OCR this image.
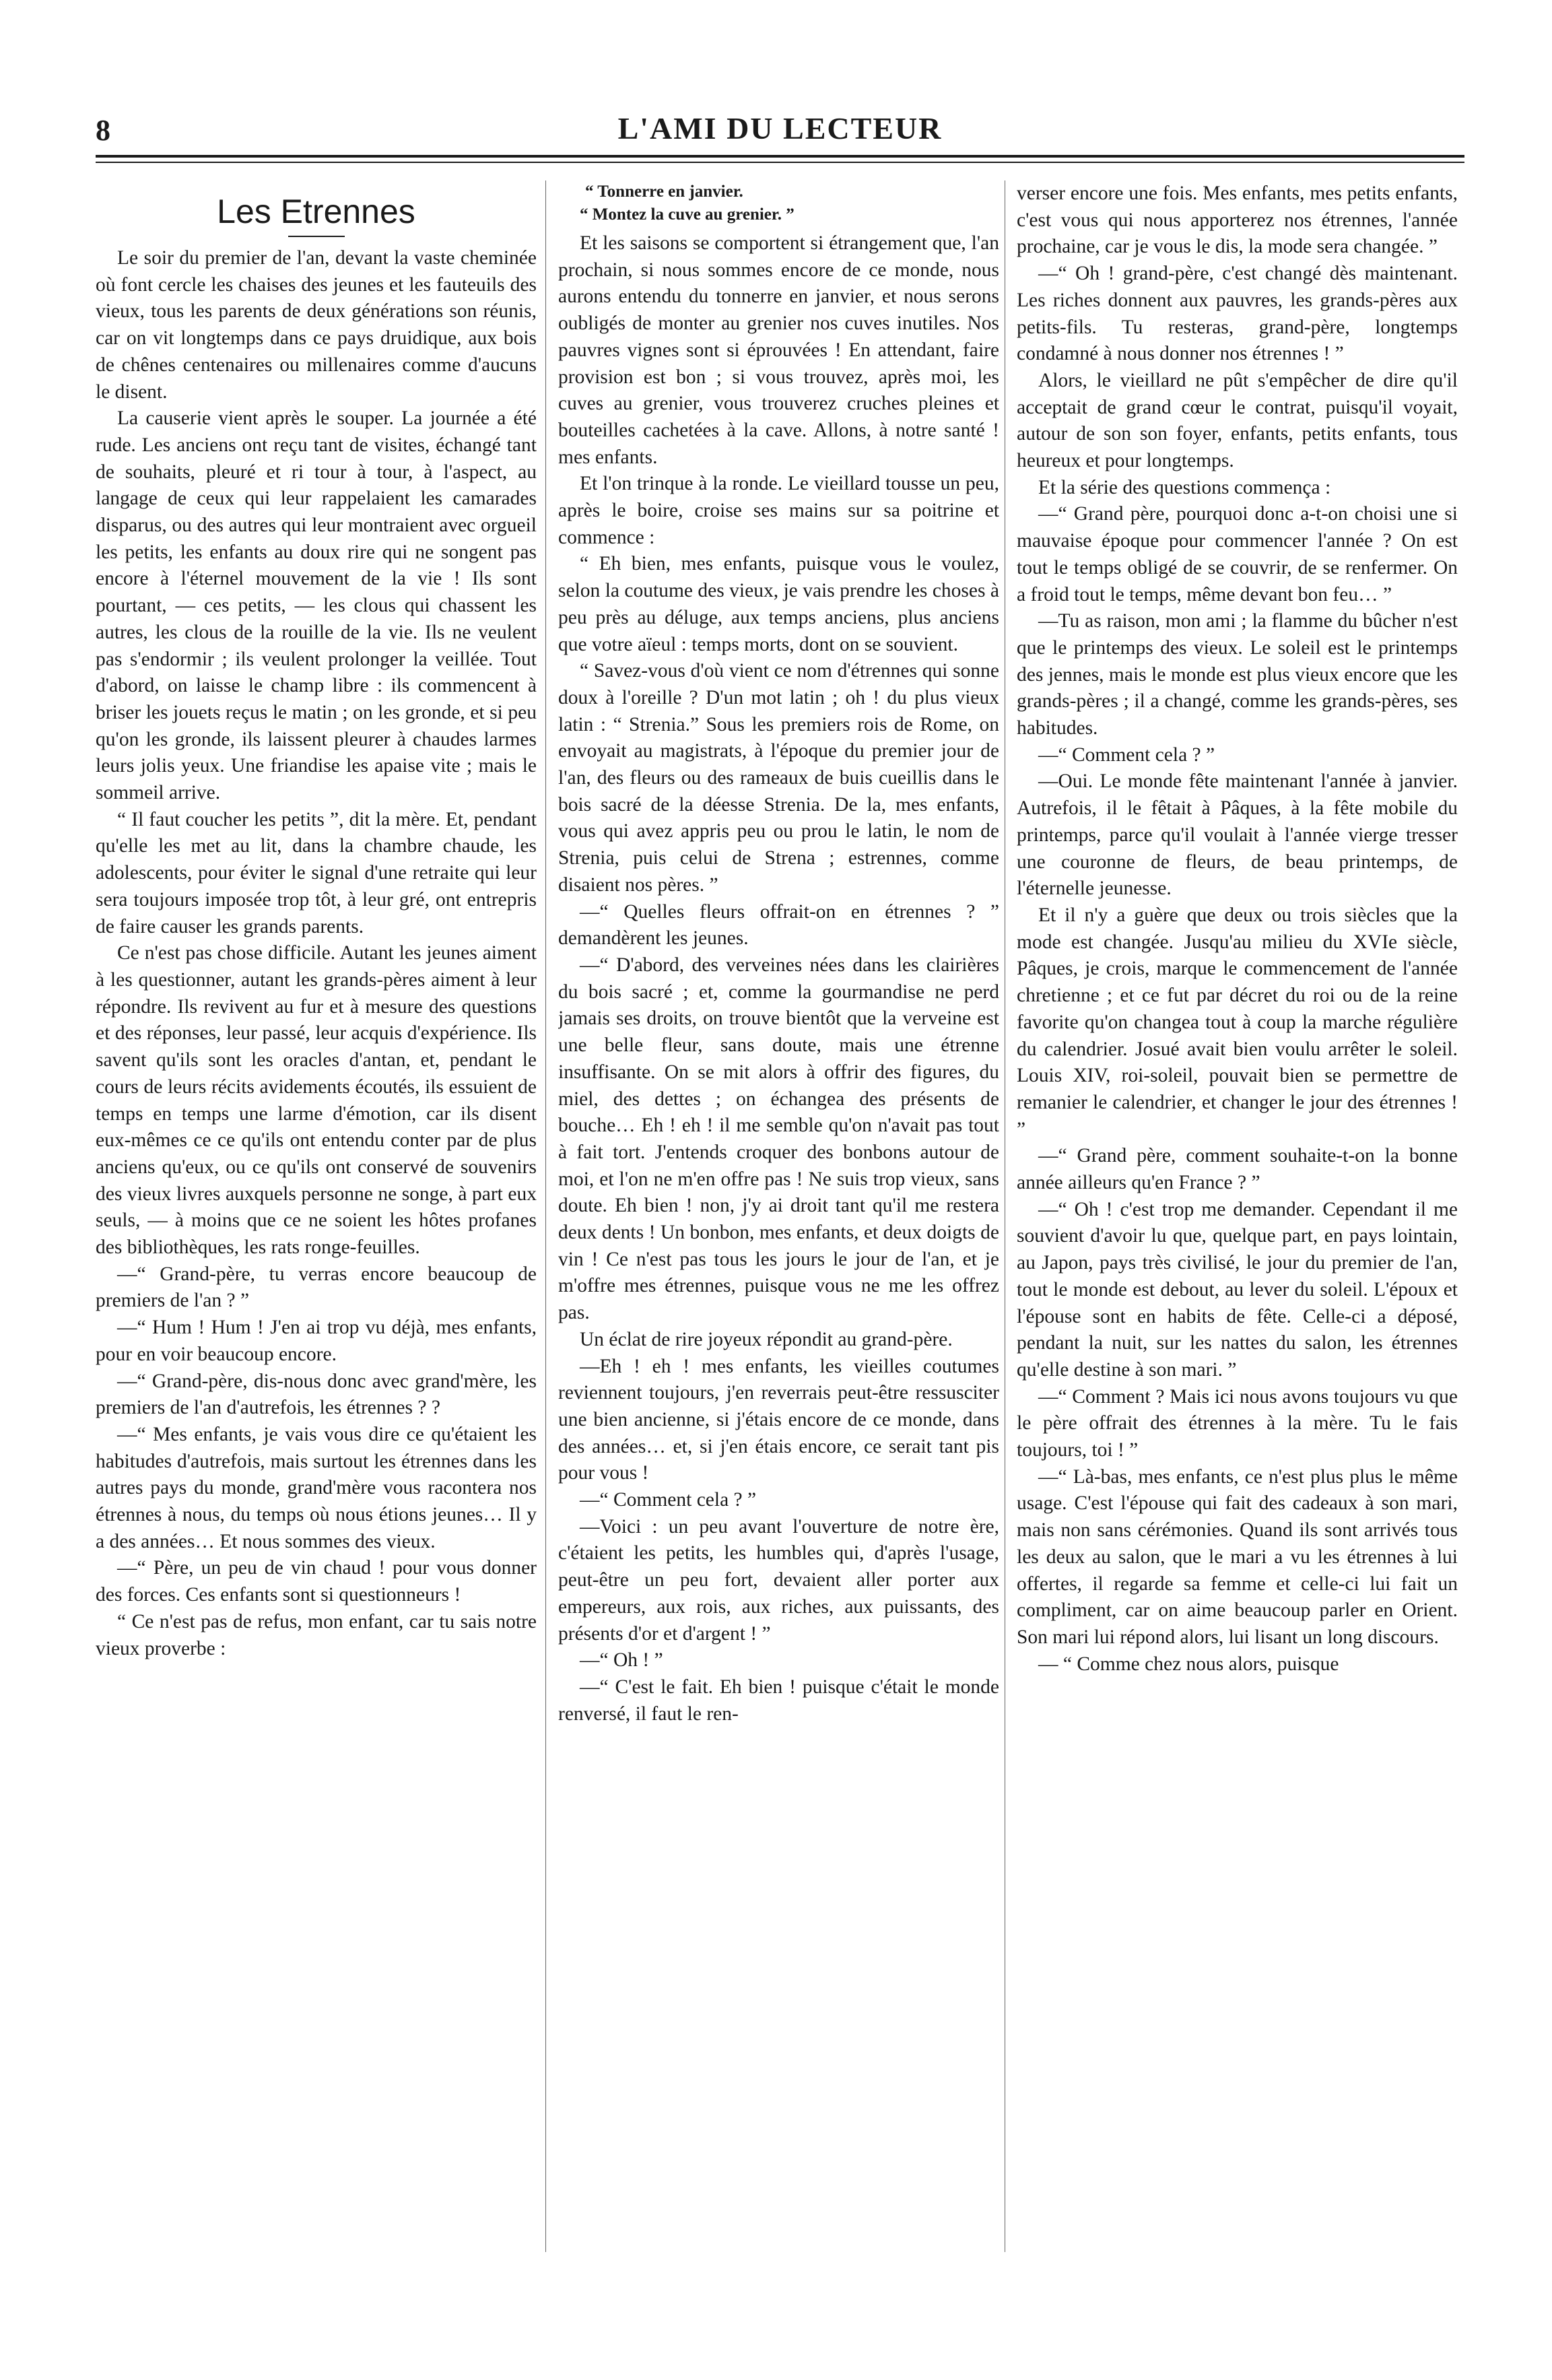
8	L'AMI DU LECTEUR
Les Etrennes

Le soir du premier de l'an, devant la vaste cheminée où font cercle les chaises des jeunes et les fauteuils des vieux, tous les parents de deux générations son réunis, car on vit longtemps dans ce pays druidique, aux bois de chênes centenaires ou millenaires comme d'aucuns le disent.

La causerie vient après le souper. La journée a été rude. Les anciens ont reçu tant de visites, échangé tant de souhaits, pleuré et ri tour à tour, à l'aspect, au langage de ceux qui leur rappelaient les camarades disparus, ou des autres qui leur montraient avec orgueil les petits, les enfants au doux rire qui ne songent pas encore à l'éternel mouvement de la vie ! Ils sont pourtant, — ces petits, — les clous qui chassent les autres, les clous de la rouille de la vie. Ils ne veulent pas s'endormir ; ils veulent prolonger la veillée. Tout d'abord, on laisse le champ libre : ils commencent à briser les jouets reçus le matin ; on les gronde, et si peu qu'on les gronde, ils laissent pleurer à chaudes larmes leurs jolis yeux. Une friandise les apaise vite ; mais le sommeil arrive.

“ Il faut coucher les petits ”, dit la mère. Et, pendant qu'elle les met au lit, dans la chambre chaude, les adolescents, pour éviter le signal d'une retraite qui leur sera toujours imposée trop tôt, à leur gré, ont entrepris de faire causer les grands parents.

Ce n'est pas chose difficile. Autant les jeunes aiment à les questionner, autant les grands-pères aiment à leur répondre. Ils revivent au fur et à mesure des questions et des réponses, leur passé, leur acquis d'expérience. Ils savent qu'ils sont les oracles d'antan, et, pendant le cours de leurs récits avidements écoutés, ils essuient de temps en temps une larme d'émotion, car ils disent eux-mêmes ce ce qu'ils ont entendu conter par de plus anciens qu'eux, ou ce qu'ils ont conservé de souvenirs des vieux livres auxquels personne ne songe, à part eux seuls, — à moins que ce ne soient les hôtes profanes des bibliothèques, les rats ronge-feuilles.

—“ Grand-père, tu verras encore beaucoup de premiers de l'an ? ”

—“ Hum ! Hum ! J'en ai trop vu déjà, mes enfants, pour en voir beaucoup encore.

—“ Grand-père, dis-nous donc avec grand'mère, les premiers de l'an d'autrefois, les étrennes ? ?

—“ Mes enfants, je vais vous dire ce qu'étaient les habitudes d'autrefois, mais surtout les étrennes dans les autres pays du monde, grand'mère vous racontera nos étrennes à nous, du temps où nous étions jeunes… Il y a des années… Et nous sommes des vieux.

—“ Père, un peu de vin chaud ! pour vous donner des forces. Ces enfants sont si questionneurs !

“ Ce n'est pas de refus, mon enfant, car tu sais notre vieux proverbe :

“ Tonnerre en janvier.
“ Montez la cuve au grenier. ”

Et les saisons se comportent si étrangement que, l'an prochain, si nous sommes encore de ce monde, nous aurons entendu du tonnerre en janvier, et nous serons oubligés de monter au grenier nos cuves inutiles. Nos pauvres vignes sont si éprouvées ! En attendant, faire provision est bon ; si vous trouvez, après moi, les cuves au grenier, vous trouverez cruches pleines et bouteilles cachetées à la cave. Allons, à notre santé ! mes enfants.

Et l'on trinque à la ronde. Le vieillard tousse un peu, après le boire, croise ses mains sur sa poitrine et commence :

“ Eh bien, mes enfants, puisque vous le voulez, selon la coutume des vieux, je vais prendre les choses à peu près au déluge, aux temps anciens, plus anciens que votre aïeul : temps morts, dont on se souvient.

“ Savez-vous d'où vient ce nom d'étrennes qui sonne doux à l'oreille ? D'un mot latin ; oh ! du plus vieux latin : “ Strenia.” Sous les premiers rois de Rome, on envoyait au magistrats, à l'époque du premier jour de l'an, des fleurs ou des rameaux de buis cueillis dans le bois sacré de la déesse Strenia. De la, mes enfants, vous qui avez appris peu ou prou le latin, le nom de Strenia, puis celui de Strena ; estrennes, comme disaient nos pères. ”

—“ Quelles fleurs offrait-on en étrennes ? ” demandèrent les jeunes.

—“ D'abord, des verveines nées dans les clairières du bois sacré ; et, comme la gourmandise ne perd jamais ses droits, on trouve bientôt que la verveine est une belle fleur, sans doute, mais une étrenne insuffisante. On se mit alors à offrir des figures, du miel, des dettes ; on échangea des présents de bouche… Eh ! eh ! il me semble qu'on n'avait pas tout à fait tort. J'entends croquer des bonbons autour de moi, et l'on ne m'en offre pas ! Ne suis trop vieux, sans doute. Eh bien ! non, j'y ai droit tant qu'il me restera deux dents ! Un bonbon, mes enfants, et deux doigts de vin ! Ce n'est pas tous les jours le jour de l'an, et je m'offre mes étrennes, puisque vous ne me les offrez pas.

Un éclat de rire joyeux répondit au grand-père.

—Eh ! eh ! mes enfants, les vieilles coutumes reviennent toujours, j'en reverrais peut-être ressusciter une bien ancienne, si j'étais encore de ce monde, dans des années… et, si j'en étais encore, ce serait tant pis pour vous !

—“ Comment cela ? ”

—Voici : un peu avant l'ouverture de notre ère, c'étaient les petits, les humbles qui, d'après l'usage, peut-être un peu fort, devaient aller porter aux empereurs, aux rois, aux riches, aux puissants, des présents d'or et d'argent ! ”

—“ Oh ! ”

—“ C'est le fait. Eh bien ! puisque c'était le monde renversé, il faut le ren-

verser encore une fois. Mes enfants, mes petits enfants, c'est vous qui nous apporterez nos étrennes, l'année prochaine, car je vous le dis, la mode sera changée. ”

—“ Oh ! grand-père, c'est changé dès maintenant. Les riches donnent aux pauvres, les grands-pères aux petits-fils. Tu resteras, grand-père, longtemps condamné à nous donner nos étrennes ! ”

Alors, le vieillard ne pût s'empêcher de dire qu'il acceptait de grand cœur le contrat, puisqu'il voyait, autour de son son foyer, enfants, petits enfants, tous heureux et pour longtemps.

Et la série des questions commença :

—“ Grand père, pourquoi donc a-t-on choisi une si mauvaise époque pour commencer l'année ? On est tout le temps obligé de se couvrir, de se renfermer. On a froid tout le temps, même devant bon feu… ”

—Tu as raison, mon ami ; la flamme du bûcher n'est que le printemps des vieux. Le soleil est le printemps des jennes, mais le monde est plus vieux encore que les grands-pères ; il a changé, comme les grands-pères, ses habitudes.

—“ Comment cela ? ”

—Oui. Le monde fête maintenant l'année à janvier. Autrefois, il le fêtait à Pâques, à la fête mobile du printemps, parce qu'il voulait à l'année vierge tresser une couronne de fleurs, de beau printemps, de l'éternelle jeunesse.

Et il n'y a guère que deux ou trois siècles que la mode est changée. Jusqu'au milieu du XVIe siècle, Pâques, je crois, marque le commencement de l'année chretienne ; et ce fut par décret du roi ou de la reine favorite qu'on changea tout à coup la marche régulière du calendrier. Josué avait bien voulu arrêter le soleil. Louis XIV, roi-soleil, pouvait bien se permettre de remanier le calendrier, et changer le jour des étrennes ! ”

—“ Grand père, comment souhaite-t-on la bonne année ailleurs qu'en France ? ”

—“ Oh ! c'est trop me demander. Cependant il me souvient d'avoir lu que, quelque part, en pays lointain, au Japon, pays très civilisé, le jour du premier de l'an, tout le monde est debout, au lever du soleil. L'époux et l'épouse sont en habits de fête. Celle-ci a déposé, pendant la nuit, sur les nattes du salon, les étrennes qu'elle destine à son mari. ”

—“ Comment ? Mais ici nous avons toujours vu que le père offrait des étrennes à la mère. Tu le fais toujours, toi ! ”

—“ Là-bas, mes enfants, ce n'est plus plus le même usage. C'est l'épouse qui fait des cadeaux à son mari, mais non sans cérémonies. Quand ils sont arrivés tous les deux au salon, que le mari a vu les étrennes à lui offertes, il regarde sa femme et celle-ci lui fait un compliment, car on aime beaucoup parler en Orient. Son mari lui répond alors, lui lisant un long discours.

— “ Comme chez nous alors, puisque
